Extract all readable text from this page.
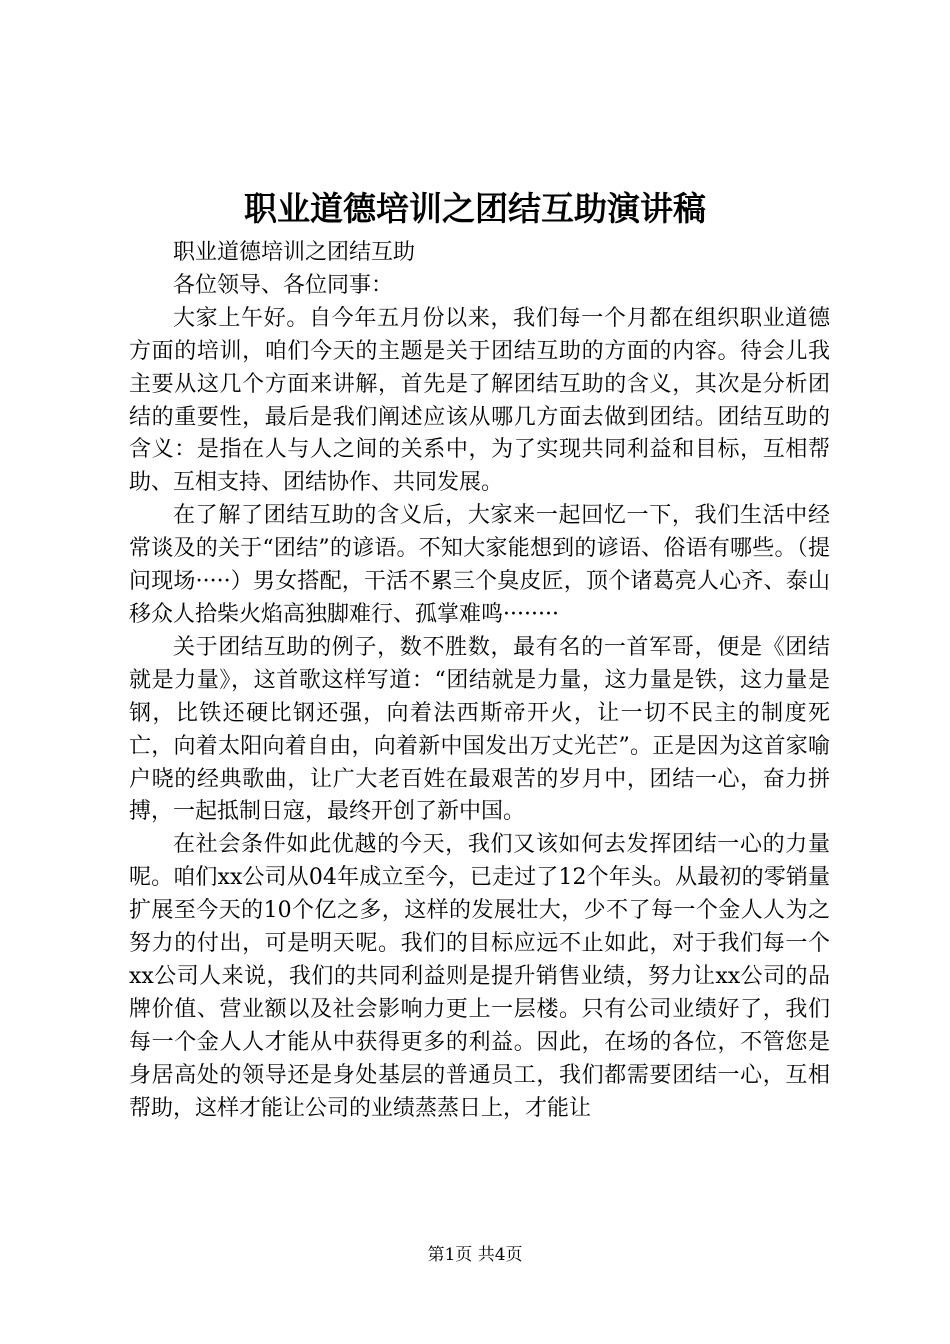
职业道德培训之团结互助演讲稿

职业道德培训之团结互助

各位领导、各位同事：

大家上午好。自今年五月份以来，我们每一个月都在组织职业道德方面的培训，咱们今天的主题是关于团结互助的方面的内容。待会儿我主要从这几个方面来讲解，首先是了解团结互助的含义，其次是分析团结的重要性，最后是我们阐述应该从哪几方面去做到团结。团结互助的含义：是指在人与人之间的关系中，为了实现共同利益和目标，互相帮助、互相支持、团结协作、共同发展。

在了解了团结互助的含义后，大家来一起回忆一下，我们生活中经常谈及的关于“团结”的谚语。不知大家能想到的谚语、俗语有哪些。（提问现场·····）男女搭配，干活不累三个臭皮匠，顶个诸葛亮人心齐、泰山移众人拾柴火焰高独脚难行、孤掌难鸣········

关于团结互助的例子，数不胜数，最有名的一首军哥，便是《团结就是力量》，这首歌这样写道：“团结就是力量，这力量是铁，这力量是钢，比铁还硬比钢还强，向着法西斯帝开火，让一切不民主的制度死亡，向着太阳向着自由，向着新中国发出万丈光芒”。正是因为这首家喻户晓的经典歌曲，让广大老百姓在最艰苦的岁月中，团结一心，奋力拼搏，一起抵制日寇，最终开创了新中国。

在社会条件如此优越的今天，我们又该如何去发挥团结一心的力量呢。咱们xx公司从04年成立至今，已走过了12个年头。从最初的零销量扩展至今天的10个亿之多，这样的发展壮大，少不了每一个金人人为之努力的付出，可是明天呢。我们的目标应远不止如此，对于我们每一个xx公司人来说，我们的共同利益则是提升销售业绩，努力让xx公司的品牌价值、营业额以及社会影响力更上一层楼。只有公司业绩好了，我们每一个金人人才能从中获得更多的利益。因此，在场的各位，不管您是身居高处的领导还是身处基层的普通员工，我们都需要团结一心，互相帮助，这样才能让公司的业绩蒸蒸日上，才能让

第1页 共4页
